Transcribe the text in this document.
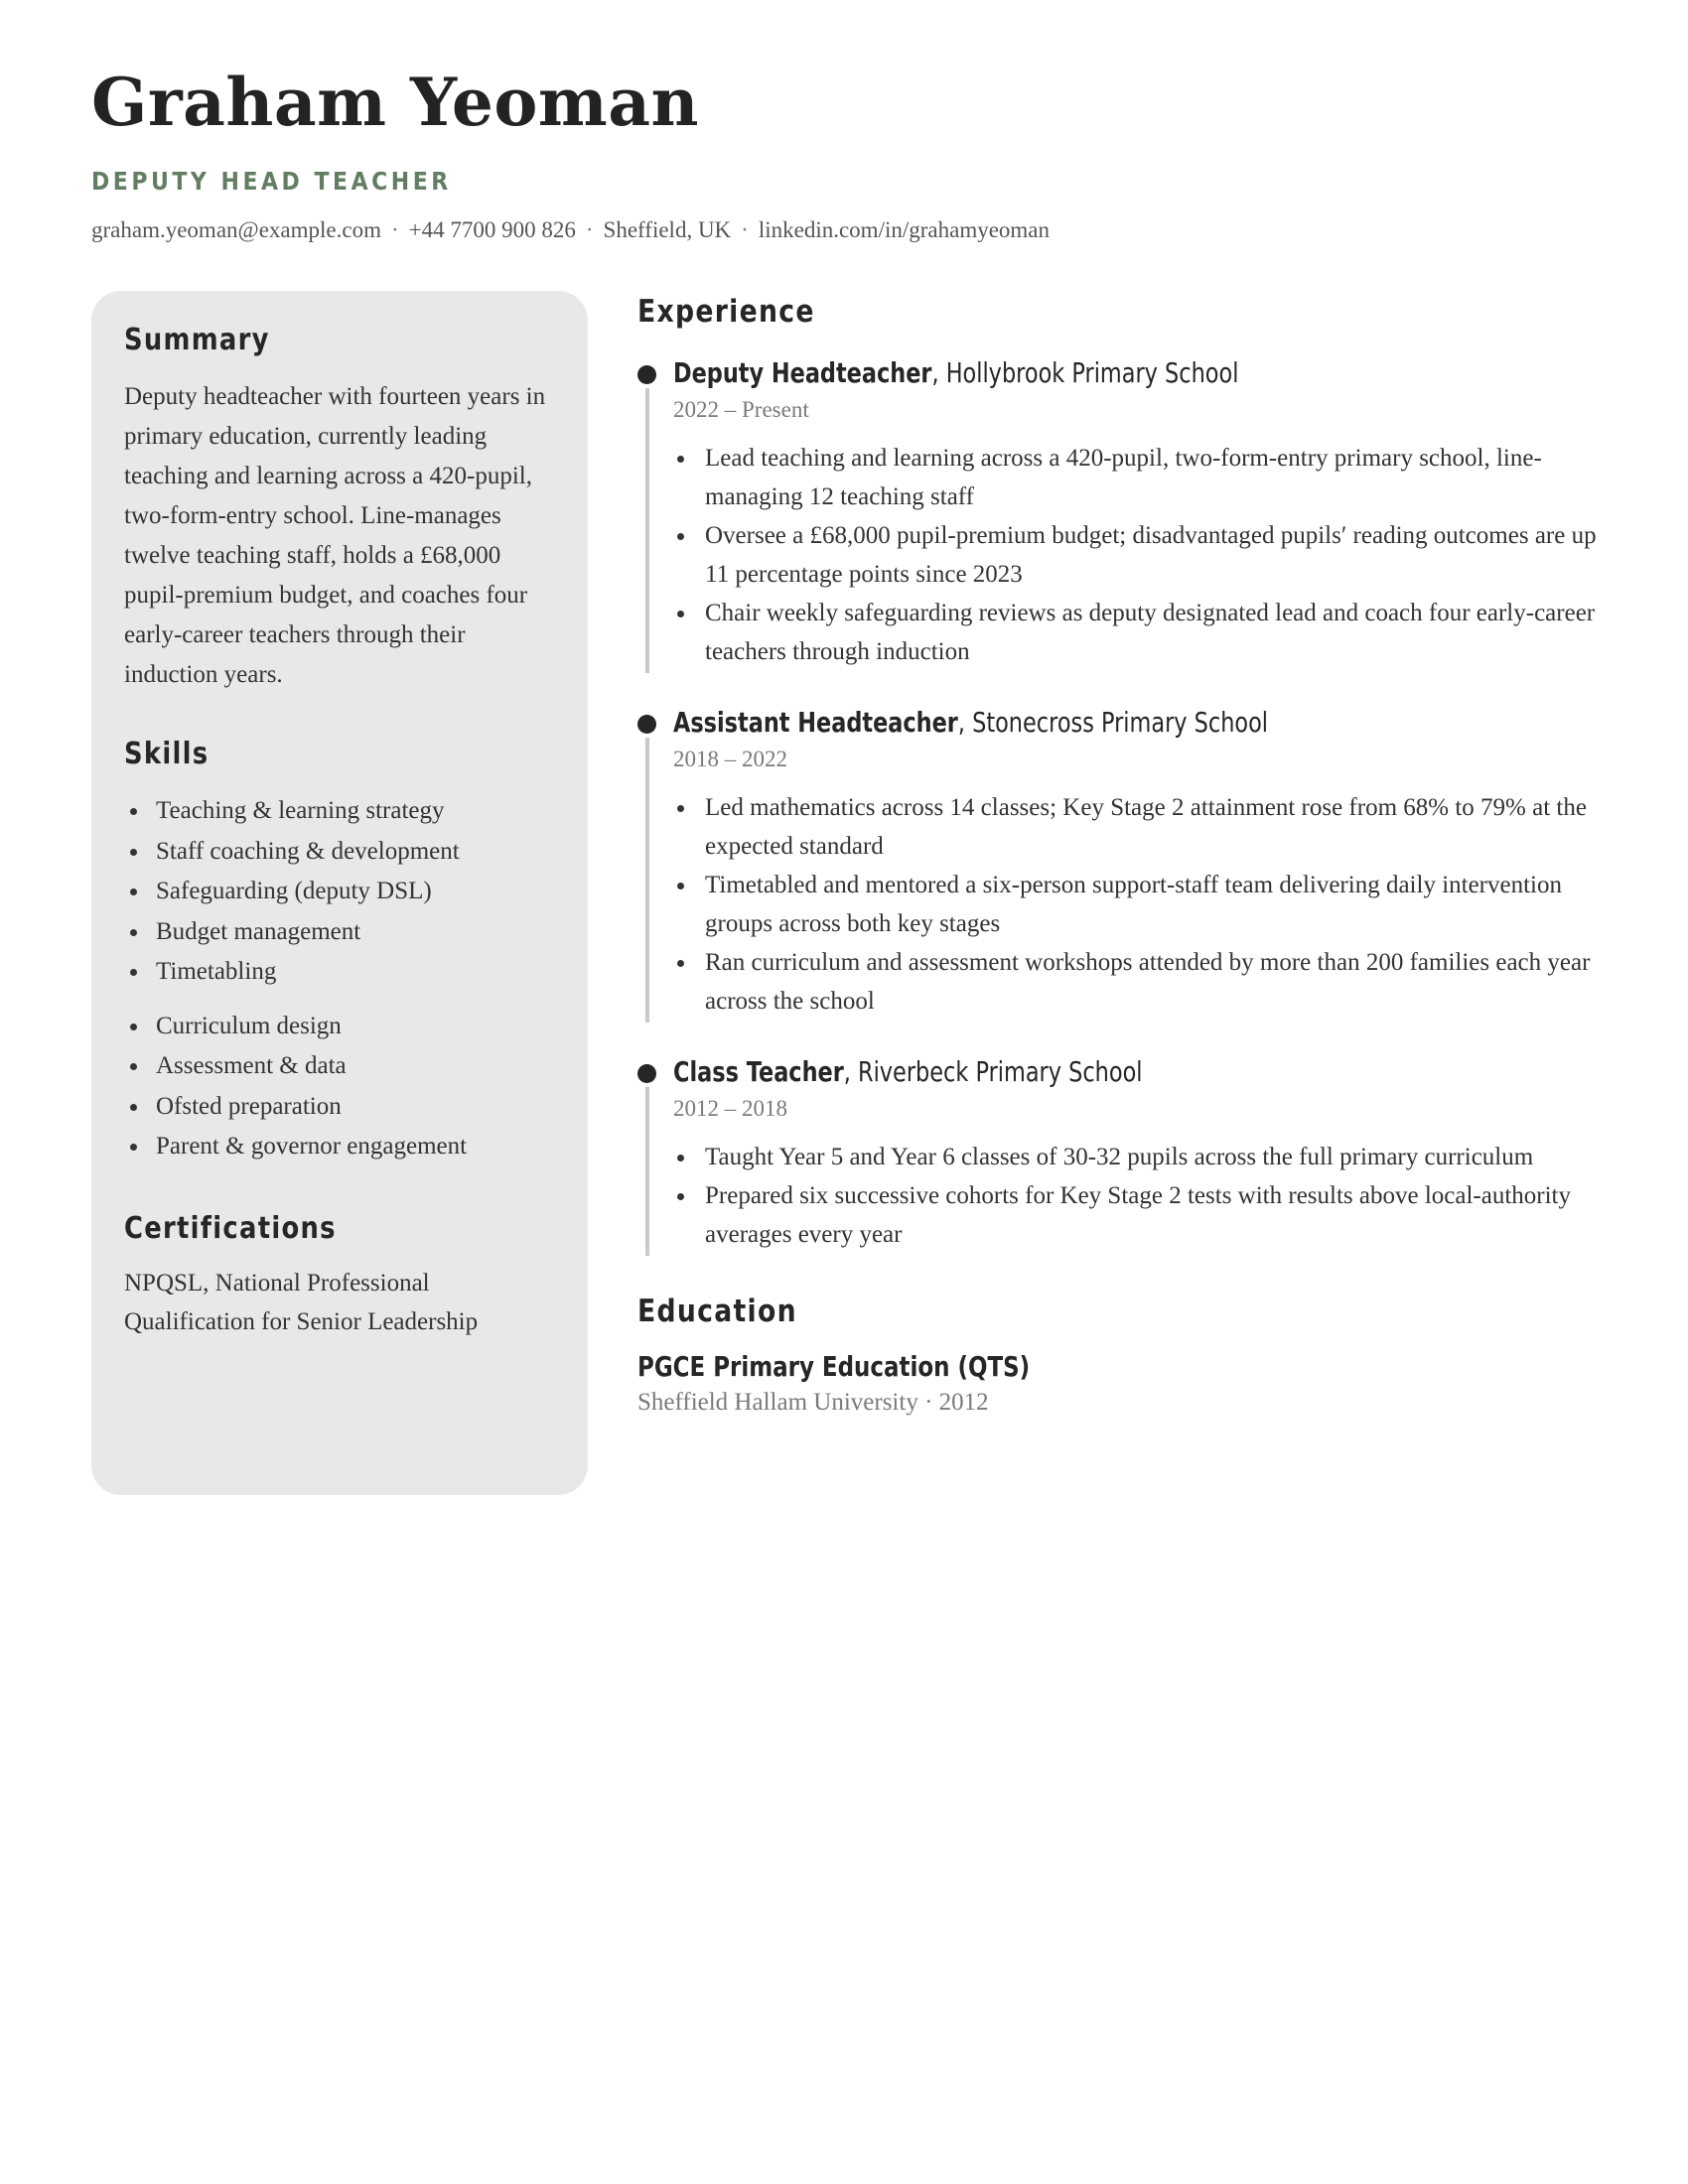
Graham Yeoman
DEPUTY HEAD TEACHER
graham.yeoman@example.com · +44 7700 900 826 · Sheffield, UK · linkedin.com/in/grahamyeoman
Summary
Deputy headteacher with fourteen years in primary education, currently leading teaching and learning across a 420-pupil, two-form-entry school. Line-manages twelve teaching staff, holds a £68,000 pupil-premium budget, and coaches four early-career teachers through their induction years.
Skills
Teaching & learning strategy
Staff coaching & development
Safeguarding (deputy DSL)
Budget management
Timetabling
Curriculum design
Assessment & data
Ofsted preparation
Parent & governor engagement
Certifications
NPQSL, National Professional Qualification for Senior Leadership
Experience
Deputy Headteacher, Hollybrook Primary School
2022 – Present
Lead teaching and learning across a 420-pupil, two-form-entry primary school, line-managing 12 teaching staff
Oversee a £68,000 pupil-premium budget; disadvantaged pupils′ reading outcomes are up 11 percentage points since 2023
Chair weekly safeguarding reviews as deputy designated lead and coach four early-career teachers through induction
Assistant Headteacher, Stonecross Primary School
2018 – 2022
Led mathematics across 14 classes; Key Stage 2 attainment rose from 68% to 79% at the expected standard
Timetabled and mentored a six-person support-staff team delivering daily intervention groups across both key stages
Ran curriculum and assessment workshops attended by more than 200 families each year across the school
Class Teacher, Riverbeck Primary School
2012 – 2018
Taught Year 5 and Year 6 classes of 30-32 pupils across the full primary curriculum
Prepared six successive cohorts for Key Stage 2 tests with results above local-authority averages every year
Education
PGCE Primary Education (QTS)
Sheffield Hallam University · 2012
